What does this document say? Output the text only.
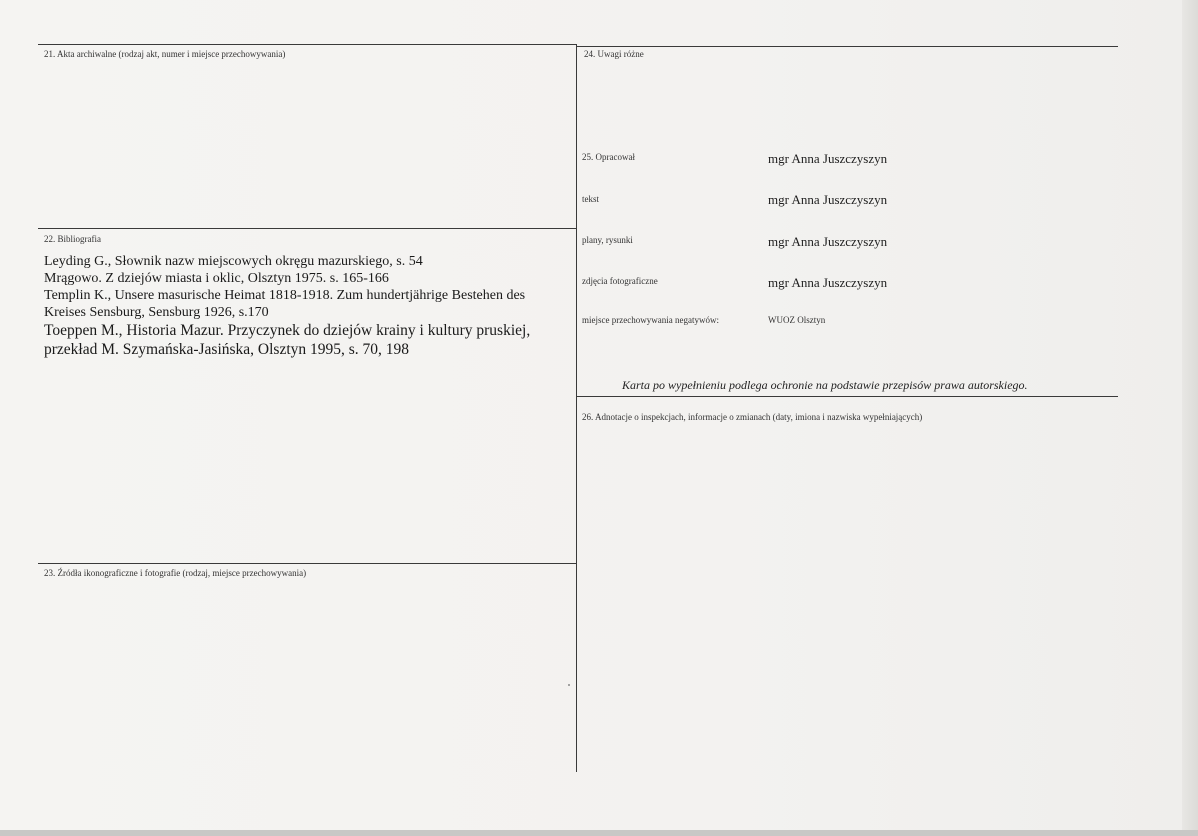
21. Akta archiwalne (rodzaj akt, numer i miejsce przechowywania)
22. Bibliografia
Leyding G., Słownik nazw miejscowych okręgu mazurskiego, s. 54
Mrągowo. Z dziejów miasta i oklic, Olsztyn 1975. s. 165-166
Templin K., Unsere masurische Heimat 1818-1918. Zum hundertjährige Bestehen des
Kreises Sensburg, Sensburg 1926, s.170
Toeppen M., Historia Mazur. Przyczynek do dziejów krainy i kultury pruskiej,
przekład M. Szymańska-Jasińska, Olsztyn 1995, s. 70, 198
23. Źródła ikonograficzne i fotografie (rodzaj, miejsce przechowywania)
24. Uwagi różne
25. Opracował	mgr Anna Juszczyszyn
tekst	mgr Anna Juszczyszyn
plany, rysunki	mgr Anna Juszczyszyn
zdjęcia fotograficzne	mgr Anna Juszczyszyn
miejsce przechowywania negatywów:	WUOZ Olsztyn
Karta po wypełnieniu podlega ochronie na podstawie przepisów prawa autorskiego.
26. Adnotacje o inspekcjach, informacje o zmianach (daty, imiona i nazwiska wypełniających)
